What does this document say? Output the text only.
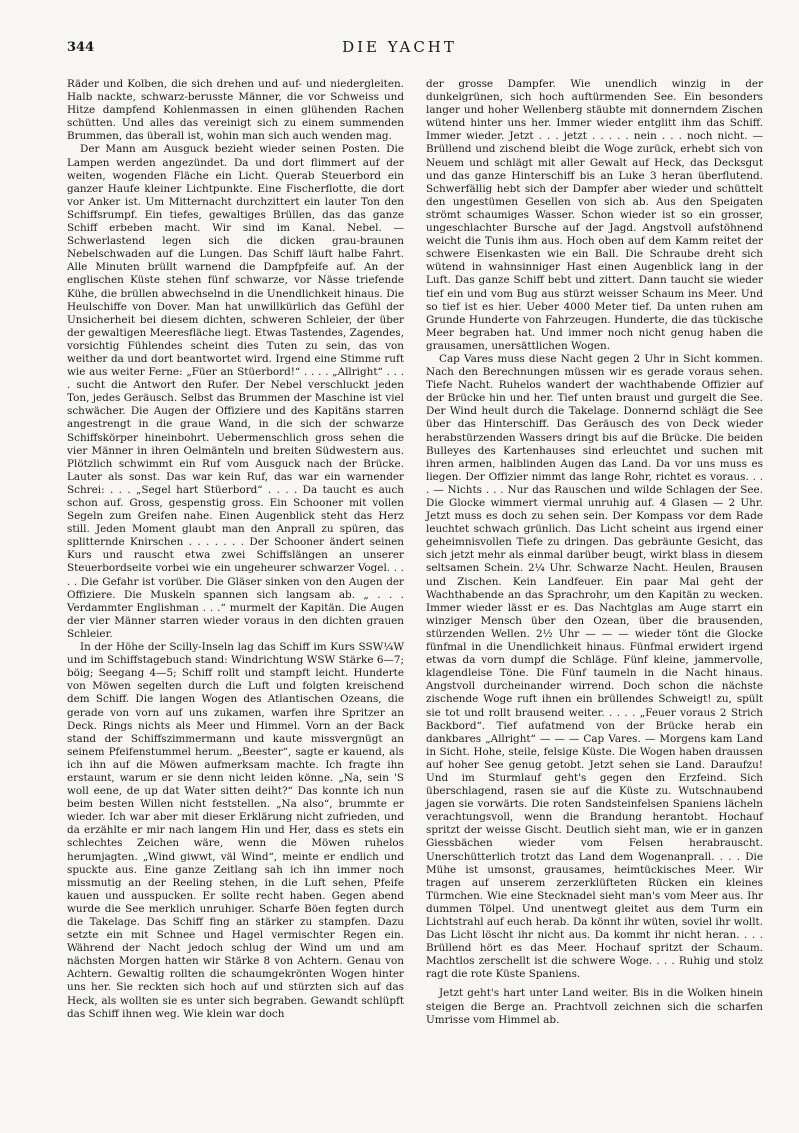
344	DIE YACHT

Räder und Kolben, die sich drehen und auf- und niedergleiten. Halb nackte, schwarz-berusste Männer, die vor Schweiss und Hitze dampfend Kohlenmassen in einen glühenden Rachen schütten. Und alles das vereinigt sich zu einem summenden Brummen, das überall ist, wohin man sich auch wenden mag.

Der Mann am Ausguck bezieht wieder seinen Posten. Die Lampen werden angezündet. Da und dort flimmert auf der weiten, wogenden Fläche ein Licht. Querab Steuerbord ein ganzer Haufe kleiner Lichtpunkte. Eine Fischerflotte, die dort vor Anker ist. Um Mitternacht durchzittert ein lauter Ton den Schiffsrumpf. Ein tiefes, gewaltiges Brüllen, das das ganze Schiff erbeben macht. Wir sind im Kanal. Nebel. — Schwerlastend legen sich die dicken grau-braunen Nebelschwaden auf die Lungen. Das Schiff läuft halbe Fahrt. Alle Minuten brüllt warnend die Dampfpfeife auf. An der englischen Küste stehen fünf schwarze, vor Nässe triefende Kühe, die brüllen abwechselnd in die Unendlichkeit hinaus. Die Heulschiffe von Dover. Man hat unwillkürlich das Gefühl der Unsicherheit bei diesem dichten, schweren Schleier, der über der gewaltigen Meeresfläche liegt. Etwas Tastendes, Zagendes, vorsichtig Fühlendes scheint dies Tuten zu sein, das von weither da und dort beantwortet wird. Irgend eine Stimme ruft wie aus weiter Ferne: „Füer an Stüerbord!“ . . . . „Allright“ . . . . sucht die Antwort den Rufer. Der Nebel verschluckt jeden Ton, jedes Geräusch. Selbst das Brummen der Maschine ist viel schwächer. Die Augen der Offiziere und des Kapitäns starren angestrengt in die graue Wand, in die sich der schwarze Schiffskörper hineinbohrt. Uebermenschlich gross sehen die vier Männer in ihren Oelmänteln und breiten Südwestern aus. Plötzlich schwimmt ein Ruf vom Ausguck nach der Brücke. Lauter als sonst. Das war kein Ruf, das war ein warnender Schrei: . . . „Segel hart Stüerbord“ . . . . Da taucht es auch schon auf. Gross, gespenstig gross. Ein Schooner mit vollen Segeln zum Greifen nahe. Einen Augenblick steht das Herz still. Jeden Moment glaubt man den Anprall zu spüren, das splitternde Knirschen . . . . . . . Der Schooner ändert seinen Kurs und rauscht etwa zwei Schiffslängen an unserer Steuerbordseite vorbei wie ein ungeheurer schwarzer Vogel. . . . . Die Gefahr ist vorüber. Die Gläser sinken von den Augen der Offiziere. Die Muskeln spannen sich langsam ab. „ . . . Verdammter Englishman . . .“ murmelt der Kapitän. Die Augen der vier Männer starren wieder voraus in den dichten grauen Schleier.

In der Höhe der Scilly-Inseln lag das Schiff im Kurs SSW¼W und im Schiffstagebuch stand: Windrichtung WSW Stärke 6—7; böig; Seegang 4—5; Schiff rollt und stampft leicht. Hunderte von Möwen segelten durch die Luft und folgten kreischend dem Schiff. Die langen Wogen des Atlantischen Ozeans, die gerade von vorn auf uns zukamen, warfen ihre Spritzer an Deck. Rings nichts als Meer und Himmel. Vorn an der Back stand der Schiffszimmermann und kaute missvergnügt an seinem Pfeifenstummel herum. „Beester“, sagte er kauend, als ich ihn auf die Möwen aufmerksam machte. Ich fragte ihn erstaunt, warum er sie denn nicht leiden könne. „Na, sein 'S woll eene, de up dat Water sitten deiht?“ Das konnte ich nun beim besten Willen nicht feststellen. „Na also“, brummte er wieder. Ich war aber mit dieser Erklärung nicht zufrieden, und da erzählte er mir nach langem Hin und Her, dass es stets ein schlechtes Zeichen wäre, wenn die Möwen ruhelos herumjagten. „Wind giwwt, väl Wind“, meinte er endlich und spuckte aus. Eine ganze Zeitlang sah ich ihn immer noch missmutig an der Reeling stehen, in die Luft sehen, Pfeife kauen und ausspucken. Er sollte recht haben. Gegen abend wurde die See merklich unruhiger. Scharfe Böen fegten durch die Takelage. Das Schiff fing an stärker zu stampfen. Dazu setzte ein mit Schnee und Hagel vermischter Regen ein. Während der Nacht jedoch schlug der Wind um und am nächsten Morgen hatten wir Stärke 8 von Achtern. Genau von Achtern. Gewaltig rollten die schaumgekrönten Wogen hinter uns her. Sie reckten sich hoch auf und stürzten sich auf das Heck, als wollten sie es unter sich begraben. Gewandt schlüpft das Schiff ihnen weg. Wie klein war doch

der grosse Dampfer. Wie unendlich winzig in der dunkelgrünen, sich hoch auftürmenden See. Ein besonders langer und hoher Wellenberg stäubte mit donnerndem Zischen wütend hinter uns her. Immer wieder entglitt ihm das Schiff. Immer wieder. Jetzt . . . jetzt . . . . . nein . . . noch nicht. — Brüllend und zischend bleibt die Woge zurück, erhebt sich von Neuem und schlägt mit aller Gewalt auf Heck, das Decksgut und das ganze Hinterschiff bis an Luke 3 heran überflutend. Schwerfällig hebt sich der Dampfer aber wieder und schüttelt den ungestümen Gesellen von sich ab. Aus den Speigaten strömt schaumiges Wasser. Schon wieder ist so ein grosser, ungeschlachter Bursche auf der Jagd. Angstvoll aufstöhnend weicht die Tunis ihm aus. Hoch oben auf dem Kamm reitet der schwere Eisenkasten wie ein Ball. Die Schraube dreht sich wütend in wahnsinniger Hast einen Augenblick lang in der Luft. Das ganze Schiff bebt und zittert. Dann taucht sie wieder tief ein und vom Bug aus stürzt weisser Schaum ins Meer. Und so tief ist es hier. Ueber 4000 Meter tief. Da unten ruhen am Grunde Hunderte von Fahrzeugen. Hunderte, die das tückische Meer begraben hat. Und immer noch nicht genug haben die grausamen, unersättlichen Wogen.

Cap Vares muss diese Nacht gegen 2 Uhr in Sicht kommen. Nach den Berechnungen müssen wir es gerade voraus sehen. Tiefe Nacht. Ruhelos wandert der wachthabende Offizier auf der Brücke hin und her. Tief unten braust und gurgelt die See. Der Wind heult durch die Takelage. Donnernd schlägt die See über das Hinterschiff. Das Geräusch des von Deck wieder herabstürzenden Wassers dringt bis auf die Brücke. Die beiden Bulleyes des Kartenhauses sind erleuchtet und suchen mit ihren armen, halblinden Augen das Land. Da vor uns muss es liegen. Der Offizier nimmt das lange Rohr, richtet es voraus. . . . — Nichts . . . Nur das Rauschen und wilde Schlagen der See. Die Glocke wimmert viermal unruhig auf. 4 Glasen — 2 Uhr. Jetzt muss es doch zu sehen sein. Der Kompass vor dem Rade leuchtet schwach grünlich. Das Licht scheint aus irgend einer geheimnisvollen Tiefe zu dringen. Das gebräunte Gesicht, das sich jetzt mehr als einmal darüber beugt, wirkt blass in diesem seltsamen Schein. 2¼ Uhr. Schwarze Nacht. Heulen, Brausen und Zischen. Kein Landfeuer. Ein paar Mal geht der Wachthabende an das Sprachrohr, um den Kapitän zu wecken. Immer wieder lässt er es. Das Nachtglas am Auge starrt ein winziger Mensch über den Ozean, über die brausenden, stürzenden Wellen. 2½ Uhr — — — wieder tönt die Glocke fünfmal in die Unendlichkeit hinaus. Fünfmal erwidert irgend etwas da vorn dumpf die Schläge. Fünf kleine, jammervolle, klagendleise Töne. Die Fünf taumeln in die Nacht hinaus. Angstvoll durcheinander wirrend. Doch schon die nächste zischende Woge ruft ihnen ein brüllendes Schweigt! zu, spült sie tot und rollt brausend weiter. . . . . „Feuer voraus 2 Strich Backbord“. Tief aufatmend von der Brücke herab ein dankbares „Allright“ — — — Cap Vares. — Morgens kam Land in Sicht. Hohe, steile, felsige Küste. Die Wogen haben draussen auf hoher See genug getobt. Jetzt sehen sie Land. Daraufzu! Und im Sturmlauf geht's gegen den Erzfeind. Sich überschlagend, rasen sie auf die Küste zu. Wutschnaubend jagen sie vorwärts. Die roten Sandsteinfelsen Spaniens lächeln verachtungsvoll, wenn die Brandung herantobt. Hochauf spritzt der weisse Gischt. Deutlich sieht man, wie er in ganzen Giessbächen wieder vom Felsen herabrauscht. Unerschütterlich trotzt das Land dem Wogenanprall. . . . Die Mühe ist umsonst, grausames, heimtückisches Meer. Wir tragen auf unserem zerzerklüfteten Rücken ein kleines Türmchen. Wie eine Stecknadel sieht man's vom Meer aus. Ihr dummen Tölpel. Und unentwegt gleitet aus dem Turm ein Lichtstrahl auf euch herab. Da könnt ihr wüten, soviel ihr wollt. Das Licht löscht ihr nicht aus. Da kommt ihr nicht heran. . . . Brüllend hört es das Meer. Hochauf spritzt der Schaum. Machtlos zerschellt ist die schwere Woge. . . . Ruhig und stolz ragt die rote Küste Spaniens.

Jetzt geht's hart unter Land weiter. Bis in die Wolken hinein steigen die Berge an. Prachtvoll zeichnen sich die scharfen Umrisse vom Himmel ab.
